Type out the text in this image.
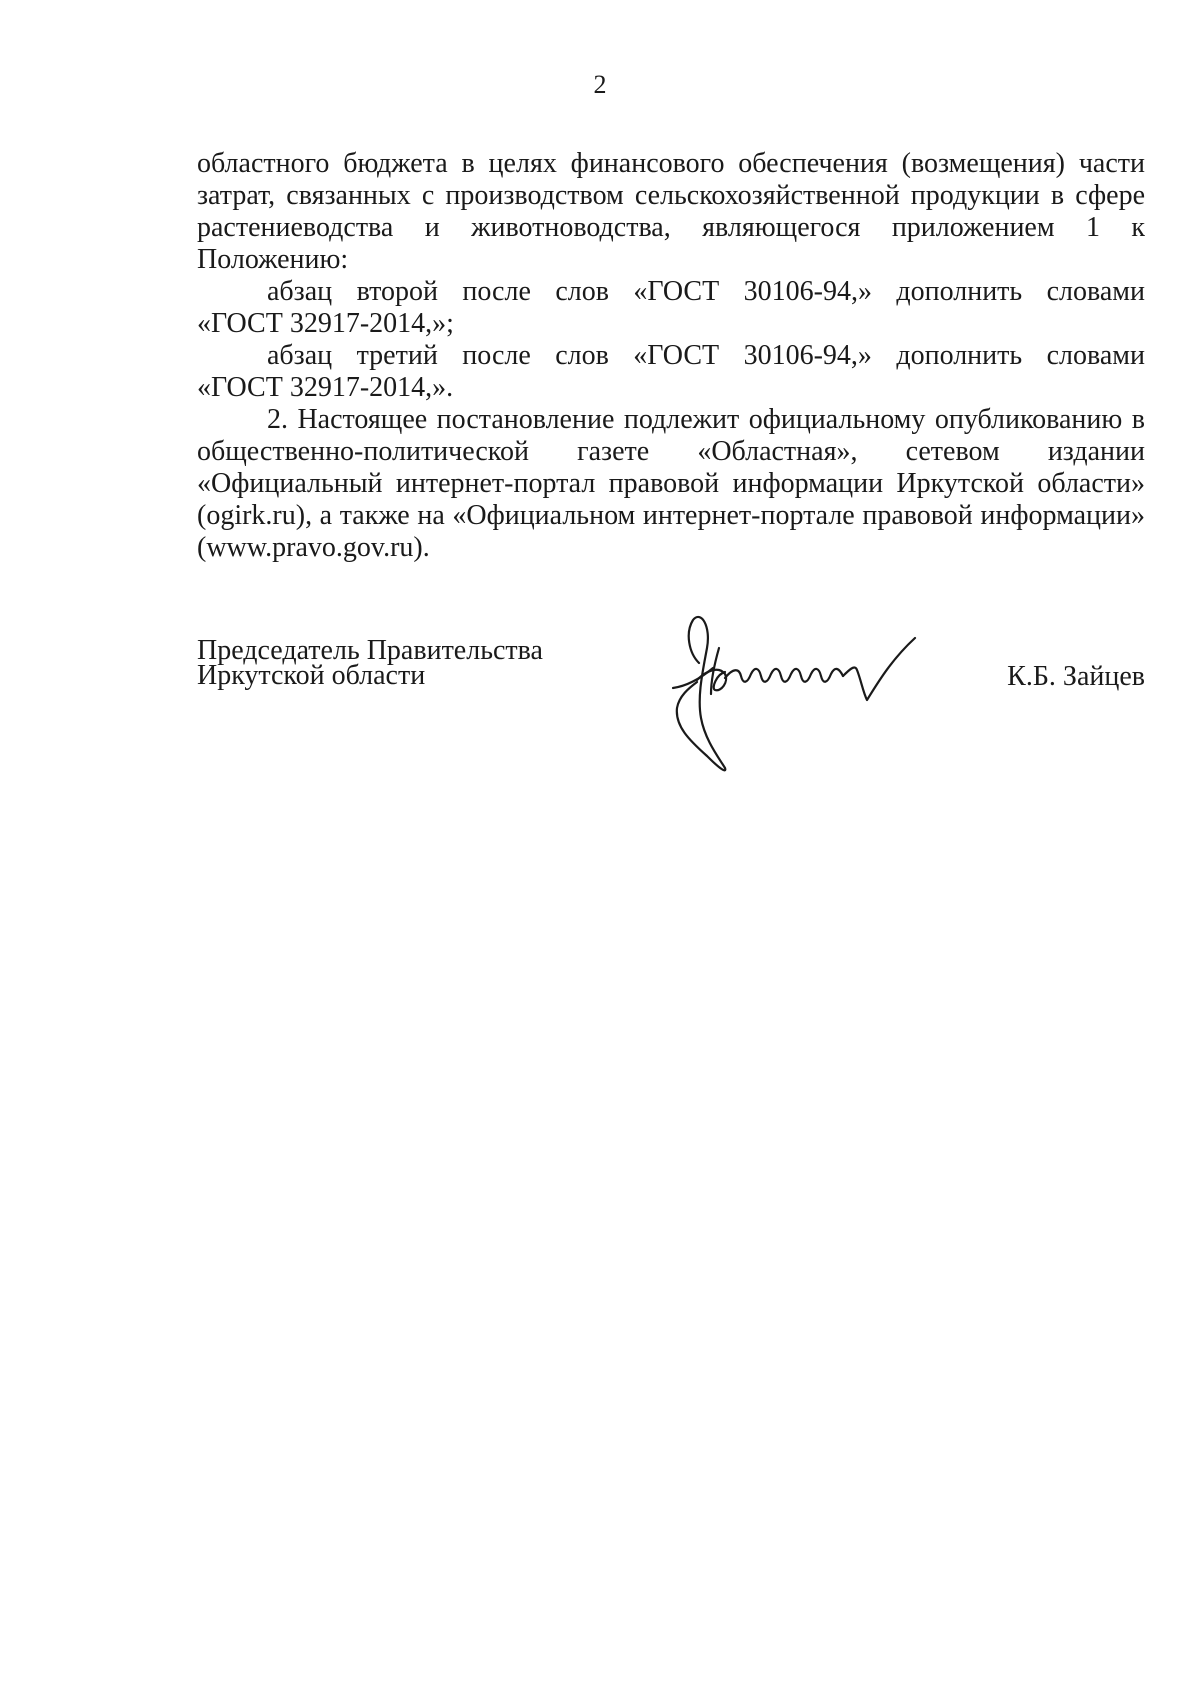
2
областного бюджета в целях финансового обеспечения (возмещения) части
затрат, связанных с производством сельскохозяйственной продукции в сфере
растениеводства и животноводства, являющегося приложением 1 к
Положению:
абзац второй после слов «ГОСТ 30106-94,» дополнить словами
«ГОСТ 32917-2014,»;
абзац третий после слов «ГОСТ 30106-94,» дополнить словами
«ГОСТ 32917-2014,».
2. Настоящее постановление подлежит официальному опубликованию в
общественно-политической газете «Областная», сетевом издании
«Официальный интернет-портал правовой информации Иркутской области»
(ogirk.ru), а также на «Официальном интернет-портале правовой информации»
(www.pravo.gov.ru).
Председатель Правительства
Иркутской области	К.Б. Зайцев
